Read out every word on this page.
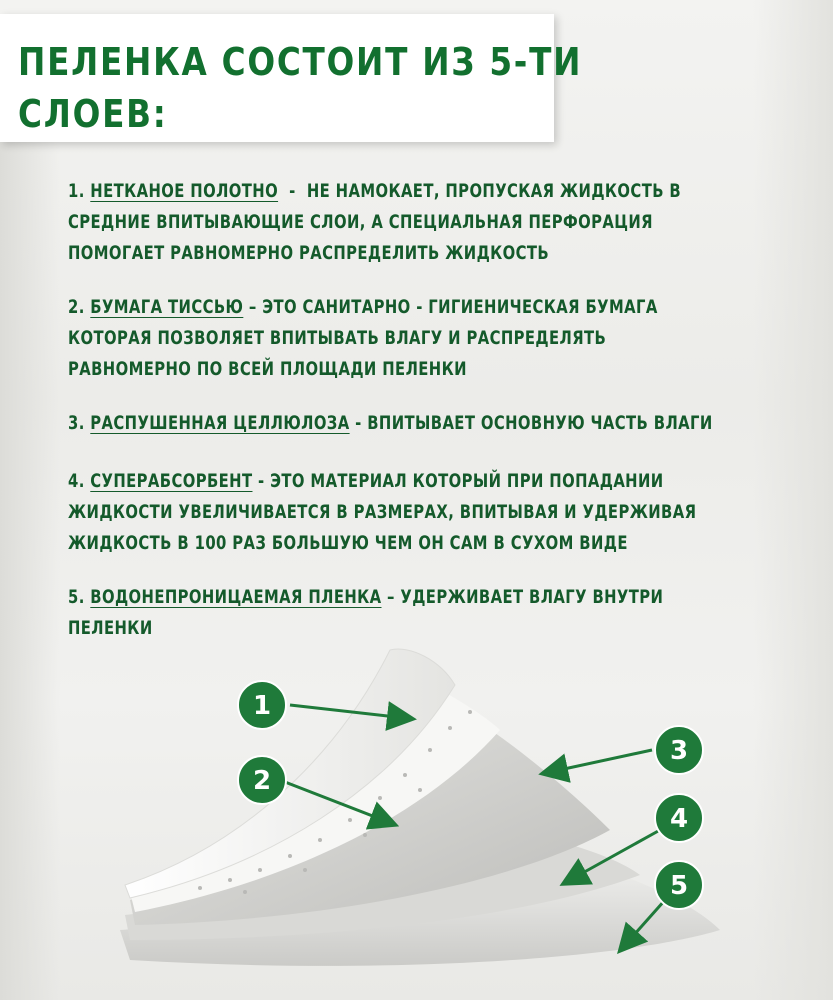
ПЕЛЕНКА СОСТОИТ ИЗ 5-ТИ
СЛОЕВ:
1. НЕТКАНОЕ ПОЛОТНО  -  НЕ НАМОКАЕТ, ПРОПУСКАЯ ЖИДКОСТЬ В
СРЕДНИЕ ВПИТЫВАЮЩИЕ СЛОИ, А СПЕЦИАЛЬНАЯ ПЕРФОРАЦИЯ
ПОМОГАЕТ РАВНОМЕРНО РАСПРЕДЕЛИТЬ ЖИДКОСТЬ
2. БУМАГА ТИССЬЮ – ЭТО САНИТАРНО - ГИГИЕНИЧЕСКАЯ БУМАГА
КОТОРАЯ ПОЗВОЛЯЕТ ВПИТЫВАТЬ ВЛАГУ И РАСПРЕДЕЛЯТЬ
РАВНОМЕРНО ПО ВСЕЙ ПЛОЩАДИ ПЕЛЕНКИ
3. РАСПУШЕННАЯ ЦЕЛЛЮЛОЗА - ВПИТЫВАЕТ ОСНОВНУЮ ЧАСТЬ ВЛАГИ
4. СУПЕРАБСОРБЕНТ - ЭТО МАТЕРИАЛ КОТОРЫЙ ПРИ ПОПАДАНИИ
ЖИДКОСТИ УВЕЛИЧИВАЕТСЯ В РАЗМЕРАХ, ВПИТЫВАЯ И УДЕРЖИВАЯ
ЖИДКОСТЬ В 100 РАЗ БОЛЬШУЮ ЧЕМ ОН САМ В СУХОМ ВИДЕ
5. ВОДОНЕПРОНИЦАЕМАЯ ПЛЕНКА – УДЕРЖИВАЕТ ВЛАГУ ВНУТРИ
ПЕЛЕНКИ
1
2
3
4
5
